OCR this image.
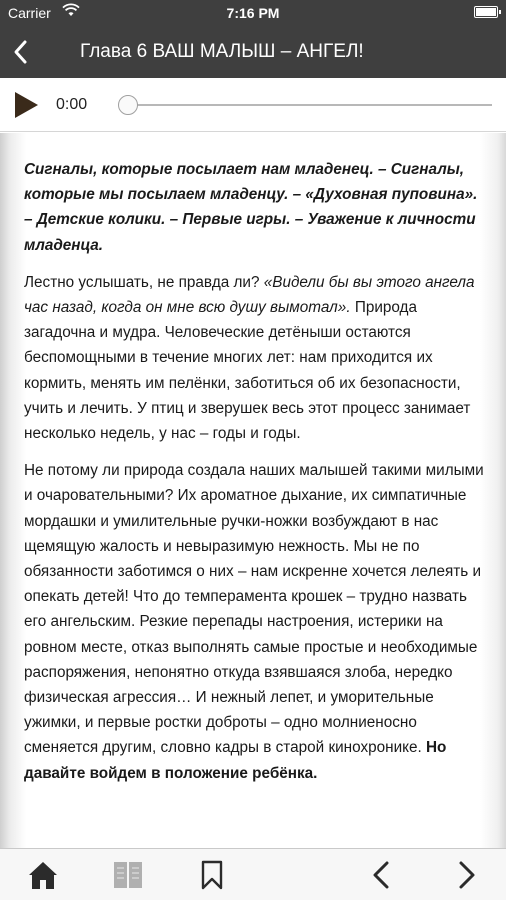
Carrier	7:16 PM
Глава 6 ВАШ МАЛЫШ – АНГЕЛ!
0:00

Сигналы, которые посылает нам младенец. – Сигналы, которые мы посылаем младенцу. – «Духовная пуповина». – Детские колики. – Первые игры. – Уважение к личности младенца.

Лестно услышать, не правда ли? «Видели бы вы этого ангела час назад, когда он мне всю душу вымотал». Природа загадочна и мудра. Человеческие детёныши остаются беспомощными в течение многих лет: нам приходится их кормить, менять им пелёнки, заботиться об их безопасности, учить и лечить. У птиц и зверушек весь этот процесс занимает несколько недель, у нас – годы и годы.

Не потому ли природа создала наших малышей такими милыми и очаровательными? Их ароматное дыхание, их симпатичные мордашки и умилительные ручки-ножки возбуждают в нас щемящую жалость и невыразимую нежность. Мы не по обязанности заботимся о них – нам искренне хочется лелеять и опекать детей! Что до темперамента крошек – трудно назвать его ангельским. Резкие перепады настроения, истерики на ровном месте, отказ выполнять самые простые и необходимые распоряжения, непонятно откуда взявшаяся злоба, нередко физическая агрессия… И нежный лепет, и уморительные ужимки, и первые ростки доброты – одно молниеносно сменяется другим, словно кадры в старой кинохронике. Но давайте войдем в положение ребёнка.
